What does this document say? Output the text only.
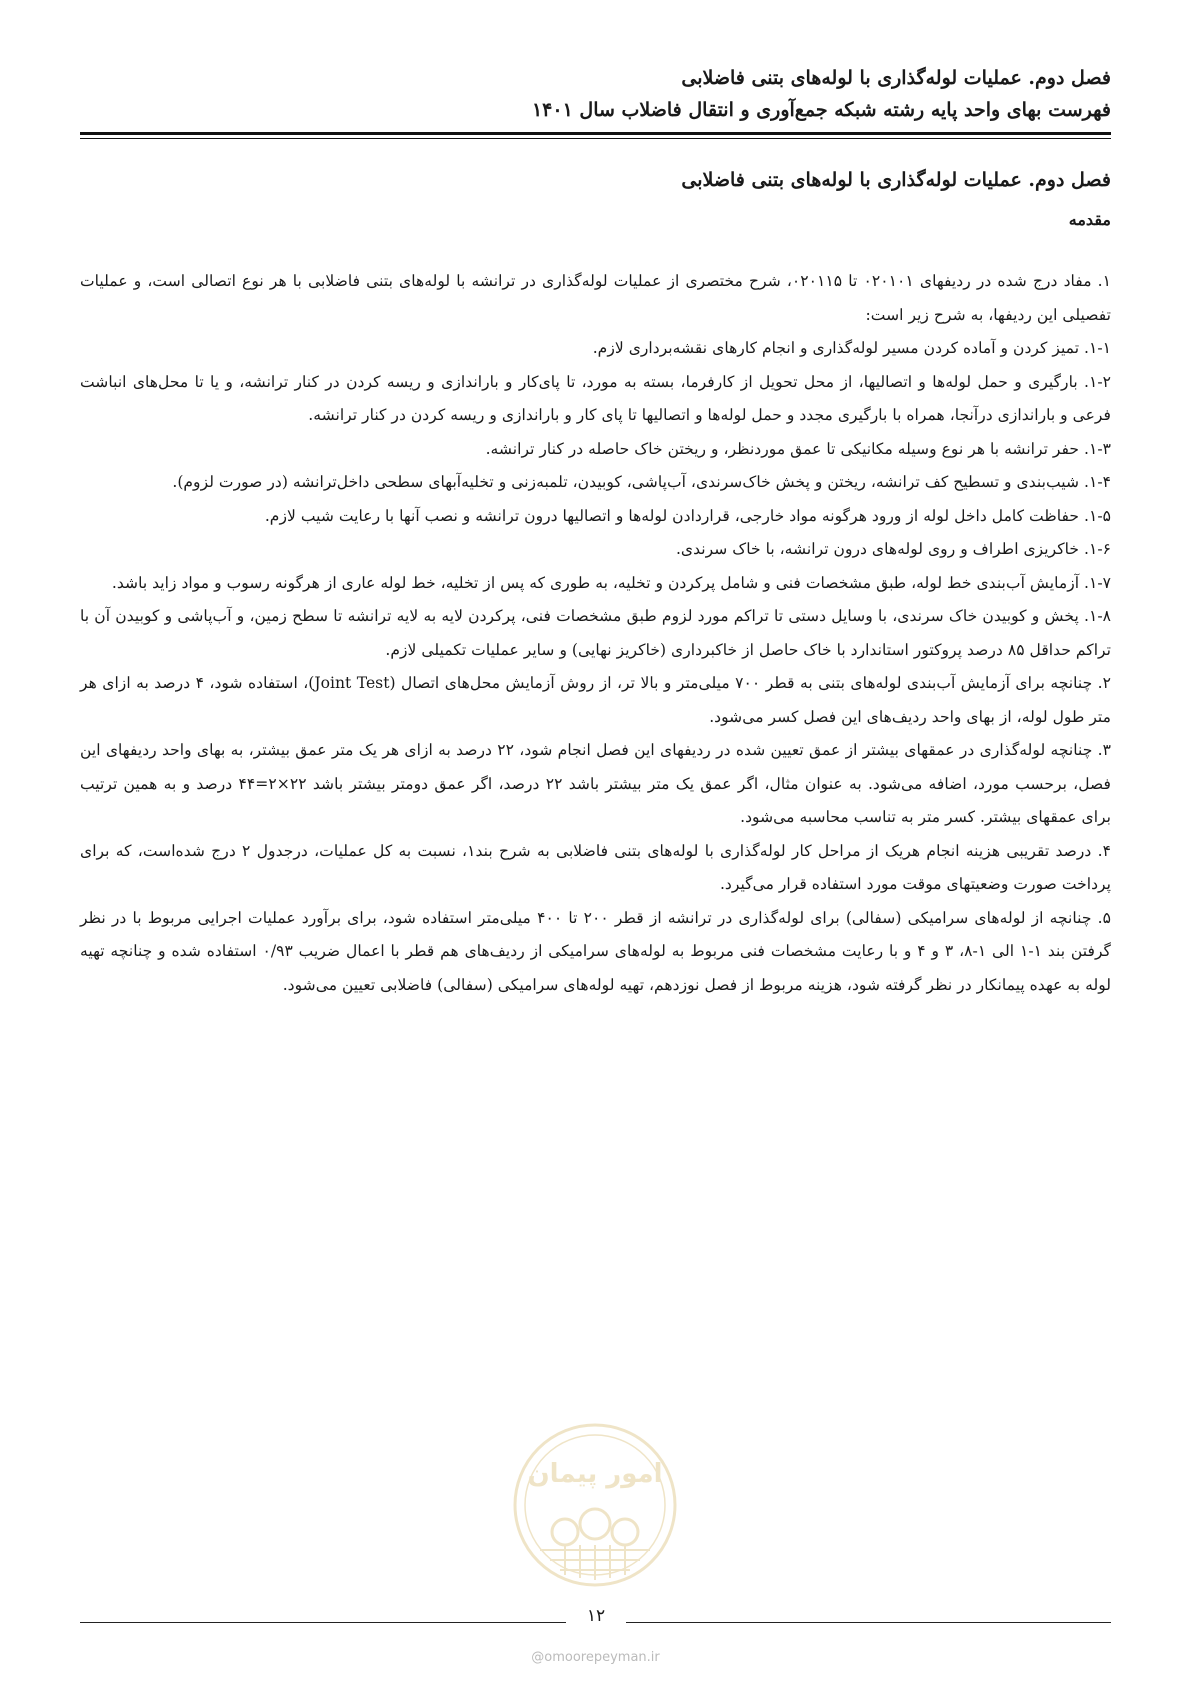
فصل دوم. عملیات لوله‌گذاری با لوله‌های بتنی فاضلابی
فهرست بهای واحد پایه رشته شبکه جمع‌آوری و انتقال فاضلاب سال ۱۴۰۱
فصل دوم. عملیات لوله‌گذاری با لوله‌های بتنی فاضلابی
مقدمه

۱. مفاد درج شده در ردیفهای ۰۲۰۱۰۱ تا ۰۲۰۱۱۵، شرح مختصری از عملیات لوله‌گذاری در ترانشه با لوله‌های بتنی فاضلابی با هر نوع اتصالی است، و عملیات تفصیلی این ردیفها، به شرح زیر است:

۱-۱. تمیز کردن و آماده کردن مسیر لوله‌گذاری و انجام کارهای نقشه‌برداری لازم.

۱-۲. بارگیری و حمل لوله‌ها و اتصالیها، از محل تحویل از کارفرما، بسته به مورد، تا پای‌کار و باراندازی و ریسه کردن در کنار ترانشه، و یا تا محل‌های انباشت فرعی و باراندازی درآنجا، همراه با بارگیری مجدد و حمل لوله‌ها و اتصالیها تا پای کار و باراندازی و ریسه کردن در کنار ترانشه.

۱-۳. حفر ترانشه با هر نوع وسیله مکانیکی تا عمق موردنظر، و ریختن خاک حاصله در کنار ترانشه.

۱-۴. شیب‌بندی و تسطیح کف ترانشه، ریختن و پخش خاک‌سرندی، آب‌پاشی، کوبیدن، تلمبه‌زنی و تخلیه‌آبهای سطحی داخل‌ترانشه (در صورت لزوم).

۱-۵. حفاظت کامل داخل لوله از ورود هرگونه مواد خارجی، قراردادن لوله‌ها و اتصالیها درون ترانشه و نصب آنها با رعایت شیب لازم.

۱-۶. خاکریزی اطراف و روی لوله‌های درون ترانشه، با خاک سرندی.

۱-۷. آزمایش آب‌بندی خط لوله، طبق مشخصات فنی و شامل پرکردن و تخلیه، به طوری که پس از تخلیه، خط لوله عاری از هرگونه رسوب و مواد زاید باشد.

۱-۸. پخش و کوبیدن خاک سرندی، با وسایل دستی تا تراکم مورد لزوم طبق مشخصات فنی، پرکردن لایه به لایه ترانشه تا سطح زمین، و آب‌پاشی و کوبیدن آن با تراکم حداقل ۸۵ درصد پروکتور استاندارد با خاک حاصل از خاکبرداری (خاکریز نهایی) و سایر عملیات تکمیلی لازم.

۲. چنانچه برای آزمایش آب‌بندی لوله‌های بتنی به قطر ۷۰۰ میلی‌متر و بالا تر، از روش آزمایش محل‌های اتصال (Joint Test)، استفاده شود، ۴ درصد به ازای هر متر طول لوله، از بهای واحد ردیف‌های این فصل کسر می‌شود.

۳. چنانچه لوله‌گذاری در عمقهای بیشتر از عمق تعیین شده در ردیفهای این فصل انجام شود، ۲۲ درصد به ازای هر یک متر عمق بیشتر، به بهای واحد ردیفهای این فصل، برحسب مورد، اضافه می‌شود. به عنوان مثال، اگر عمق یک متر بیشتر باشد ۲۲ درصد، اگر عمق دومتر بیشتر باشد ۲۲×۲=۴۴ درصد و به همین ترتیب برای عمقهای بیشتر. کسر متر به تناسب محاسبه می‌شود.

۴. درصد تقریبی هزینه انجام هریک از مراحل کار لوله‌گذاری با لوله‌های بتنی فاضلابی به شرح بند۱، نسبت به کل عملیات، درجدول ۲ درج شده‌است، که برای پرداخت صورت وضعیتهای موقت مورد استفاده قرار می‌گیرد.

۵. چنانچه از لوله‌های سرامیکی (سفالی) برای لوله‌گذاری در ترانشه از قطر ۲۰۰ تا ۴۰۰ میلی‌متر استفاده شود، برای برآورد عملیات اجرایی مربوط با در نظر گرفتن بند ۱-۱ الی ۱-۸، ۳ و ۴ و با رعایت مشخصات فنی مربوط به لوله‌های سرامیکی از ردیف‌های هم قطر با اعمال ضریب ۰/۹۳ استفاده شده و چنانچه تهیه لوله به عهده پیمانکار در نظر گرفته شود، هزینه مربوط از فصل نوزدهم، تهیه لوله‌های سرامیکی (سفالی) فاضلابی تعیین می‌شود.

امور پیمان
۱۲
@omoorepeyman.ir
